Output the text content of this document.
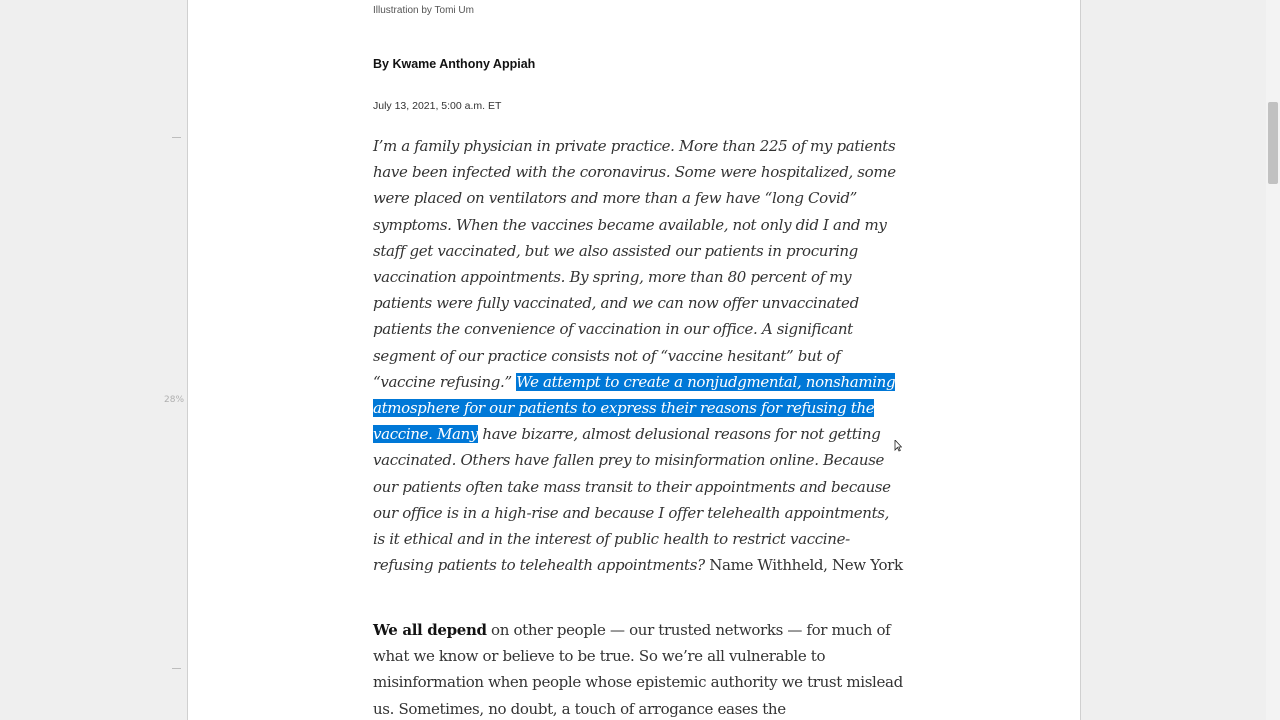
28%
Illustration by Tomi Um
By Kwame Anthony Appiah
July 13, 2021, 5:00 a.m. ET

I’m a family physician in private practice. More than 225 of my patients have been infected with the coronavirus. Some were hospitalized, some were placed on ventilators and more than a few have “long Covid” symptoms. When the vaccines became available, not only did I and my staff get vaccinated, but we also assisted our patients in procuring vaccination appointments. By spring, more than 80 percent of my patients were fully vaccinated, and we can now offer unvaccinated patients the convenience of vaccination in our office. A significant segment of our practice consists not of “vaccine hesitant” but of “vaccine refusing.” We attempt to create a nonjudgmental, nonshaming atmosphere for our patients to express their reasons for refusing the vaccine. Many have bizarre, almost delusional reasons for not getting vaccinated. Others have fallen prey to misinformation online. Because our patients often take mass transit to their appointments and because our office is in a high-rise and because I offer telehealth appointments, is it ethical and in the interest of public health to restrict vaccine-refusing patients to telehealth appointments? Name Withheld, New York

We all depend on other people — our trusted networks — for much of what we know or believe to be true. So we’re all vulnerable to misinformation when people whose epistemic authority we trust mislead us. Sometimes, no doubt, a touch of arrogance eases the
